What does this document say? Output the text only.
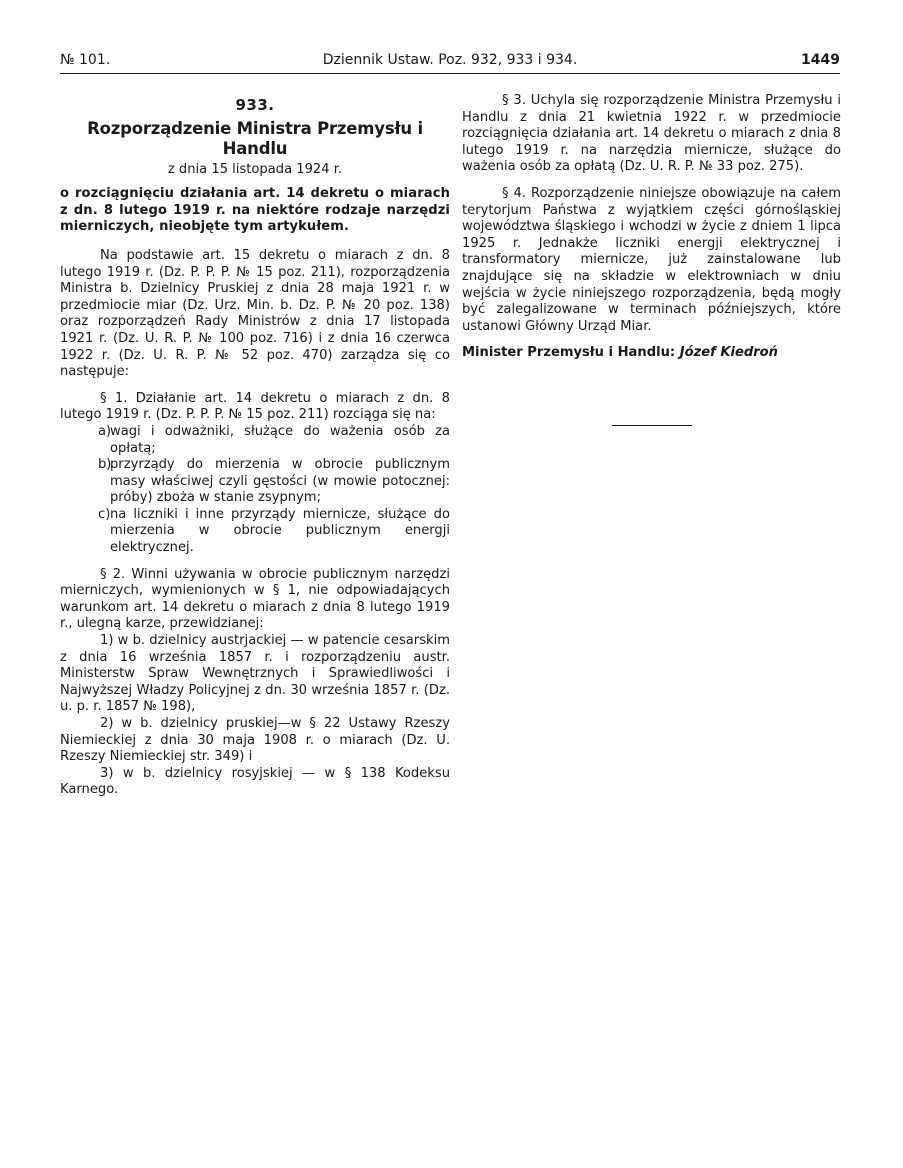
№ 101.	Dziennik Ustaw. Poz. 932, 933 i 934.	1449

933.

Rozporządzenie Ministra Przemysłu i Handlu

z dnia 15 listopada 1924 r.

o rozciągnięciu działania art. 14 dekretu o miarach z dn. 8 lutego 1919 r. na niektóre rodzaje narzędzi mierniczych, nieobjęte tym artykułem.

Na podstawie art. 15 dekretu o miarach z dn. 8 lutego 1919 r. (Dz. P. P. P. № 15 poz. 211), rozporządzenia Ministra b. Dzielnicy Pruskiej z dnia 28 maja 1921 r. w przedmiocie miar (Dz. Urz. Min. b. Dz. P. № 20 poz. 138) oraz rozporządzeń Rady Ministrów z dnia 17 listopada 1921 r. (Dz. U. R. P. № 100 poz. 716) i z dnia 16 czerwca 1922 r. (Dz. U. R. P. № 52 poz. 470) zarządza się co następuje:

§ 1. Działanie art. 14 dekretu o miarach z dn. 8 lutego 1919 r. (Dz. P. P. P. № 15 poz. 211) rozciąga się na:

a)
wagi i odważniki, służące do ważenia osób za opłatą;
b)
przyrządy do mierzenia w obrocie publicznym masy właściwej czyli gęstości (w mowie potocznej: próby) zboża w stanie zsypnym;
c) na liczniki i inne przyrządy miernicze, służące do mierzenia w obrocie publicznym energji elektrycznej.

§ 2. Winni używania w obrocie publicznym narzędzi mierniczych, wymienionych w § 1, nie odpowiadających warunkom art. 14 dekretu o miarach z dnia 8 lutego 1919 r., ulegną karze, przewidzianej:

1) w b. dzielnicy austrjackiej — w patencie cesarskim z dnia 16 września 1857 r. i rozporządzeniu austr. Ministerstw Spraw Wewnętrznych i Sprawiedliwości i Najwyższej Władzy Policyjnej z dn. 30 września 1857 r. (Dz. u. p. r. 1857 № 198),

2) w b. dzielnicy pruskiej—w § 22 Ustawy Rzeszy Niemieckiej z dnia 30 maja 1908 r. o miarach (Dz. U. Rzeszy Niemieckiej str. 349) i

3) w b. dzielnicy rosyjskiej — w § 138 Kodeksu Karnego.

§ 3. Uchyla się rozporządzenie Ministra Przemysłu i Handlu z dnia 21 kwietnia 1922 r. w przedmiocie rozciągnięcia działania art. 14 dekretu o miarach z dnia 8 lutego 1919 r. na narzędzia miernicze, służące do ważenia osób za opłatą (Dz. U. R. P. № 33 poz. 275).

§ 4. Rozporządzenie niniejsze obowiązuje na całem terytorjum Państwa z wyjątkiem części górnośląskiej województwa śląskiego i wchodzi w życie z dniem 1 lipca 1925 r. Jednakże liczniki energji elektrycznej i transformatory miernicze, już zainstalowane lub znajdujące się na składzie w elektrowniach w dniu wejścia w życie niniejszego rozporządzenia, będą mogły być zalegalizowane w terminach późniejszych, które ustanowi Główny Urząd Miar.

Minister Przemysłu i Handlu: Józef Kiedroń
